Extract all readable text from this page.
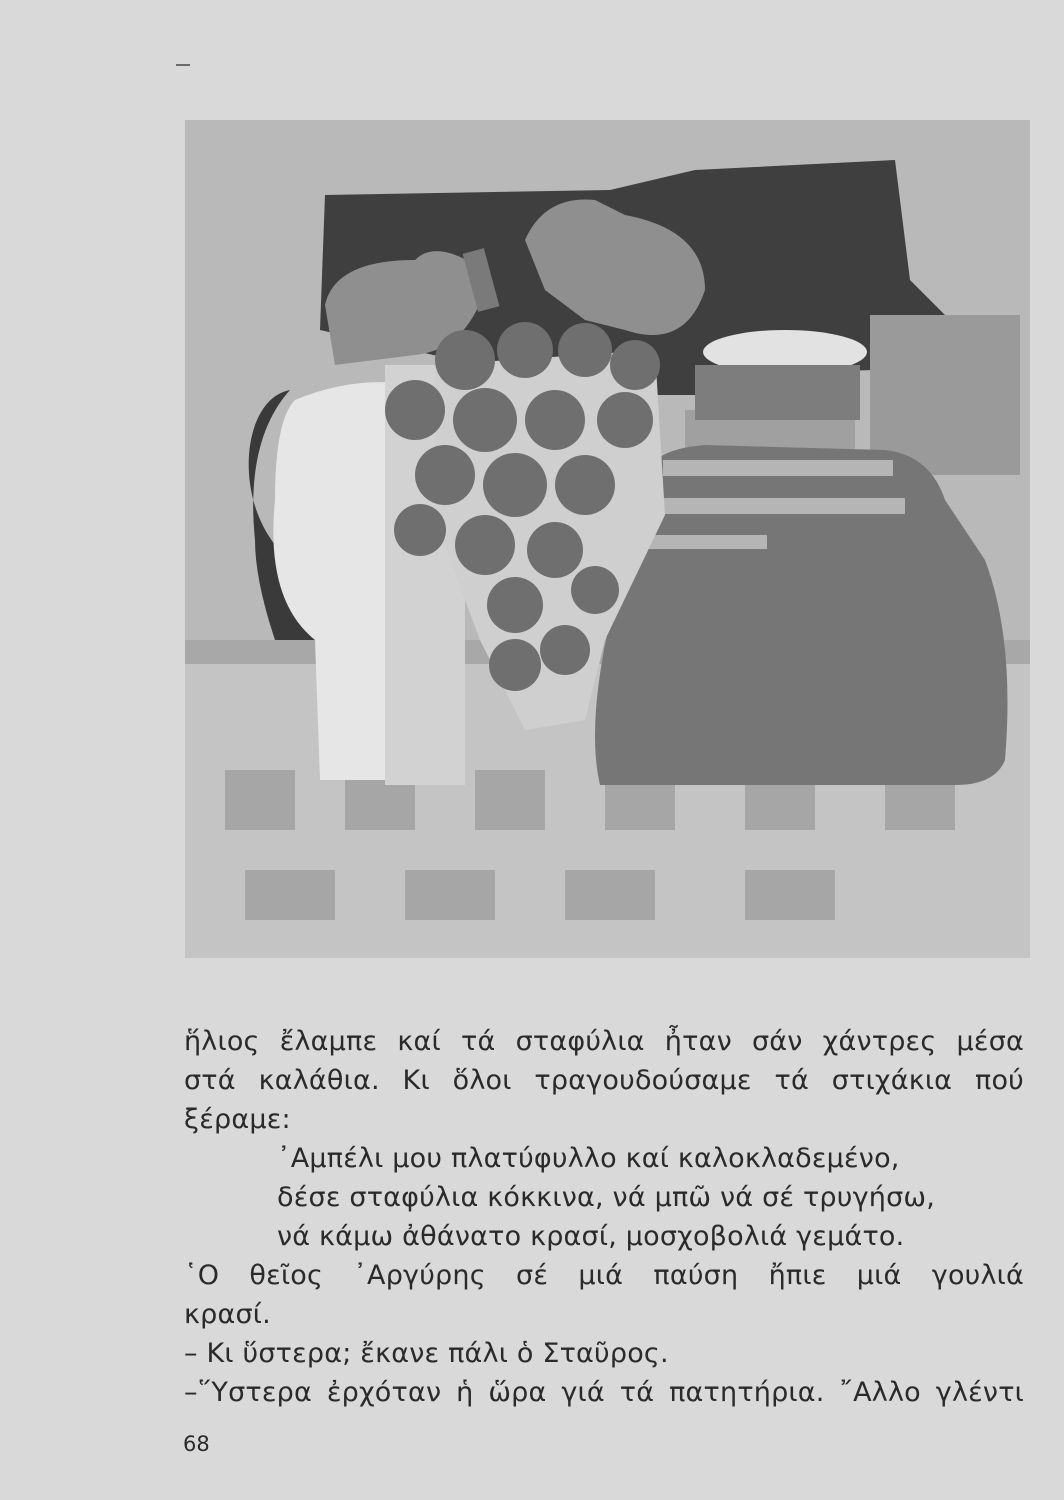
ἥλιος ἔλαμπε καί τά σταφύλια ἦταν σάν χάντρες μέσα
στά καλάθια. Κι ὅλοι τραγουδούσαμε τά στιχάκια πού
ξέραμε:
᾿Αμπέλι μου πλατύφυλλο καί καλοκλαδεμένο,
δέσε σταφύλια κόκκινα, νά μπῶ νά σέ τρυγήσω,
νά κάμω ἀθάνατο κρασί, μοσχοβολιά γεμάτο.
῾Ο θεῖος ᾿Αργύρης σέ μιά παύση ἤπιε μιά γουλιά
κρασί.
– Κι ὕστερα; ἔκανε πάλι ὁ Σταῦρος.
–῞Υστερα ἐρχόταν ἡ ὥρα γιά τά πατητήρια. ῎Αλλο γλέντι
68
